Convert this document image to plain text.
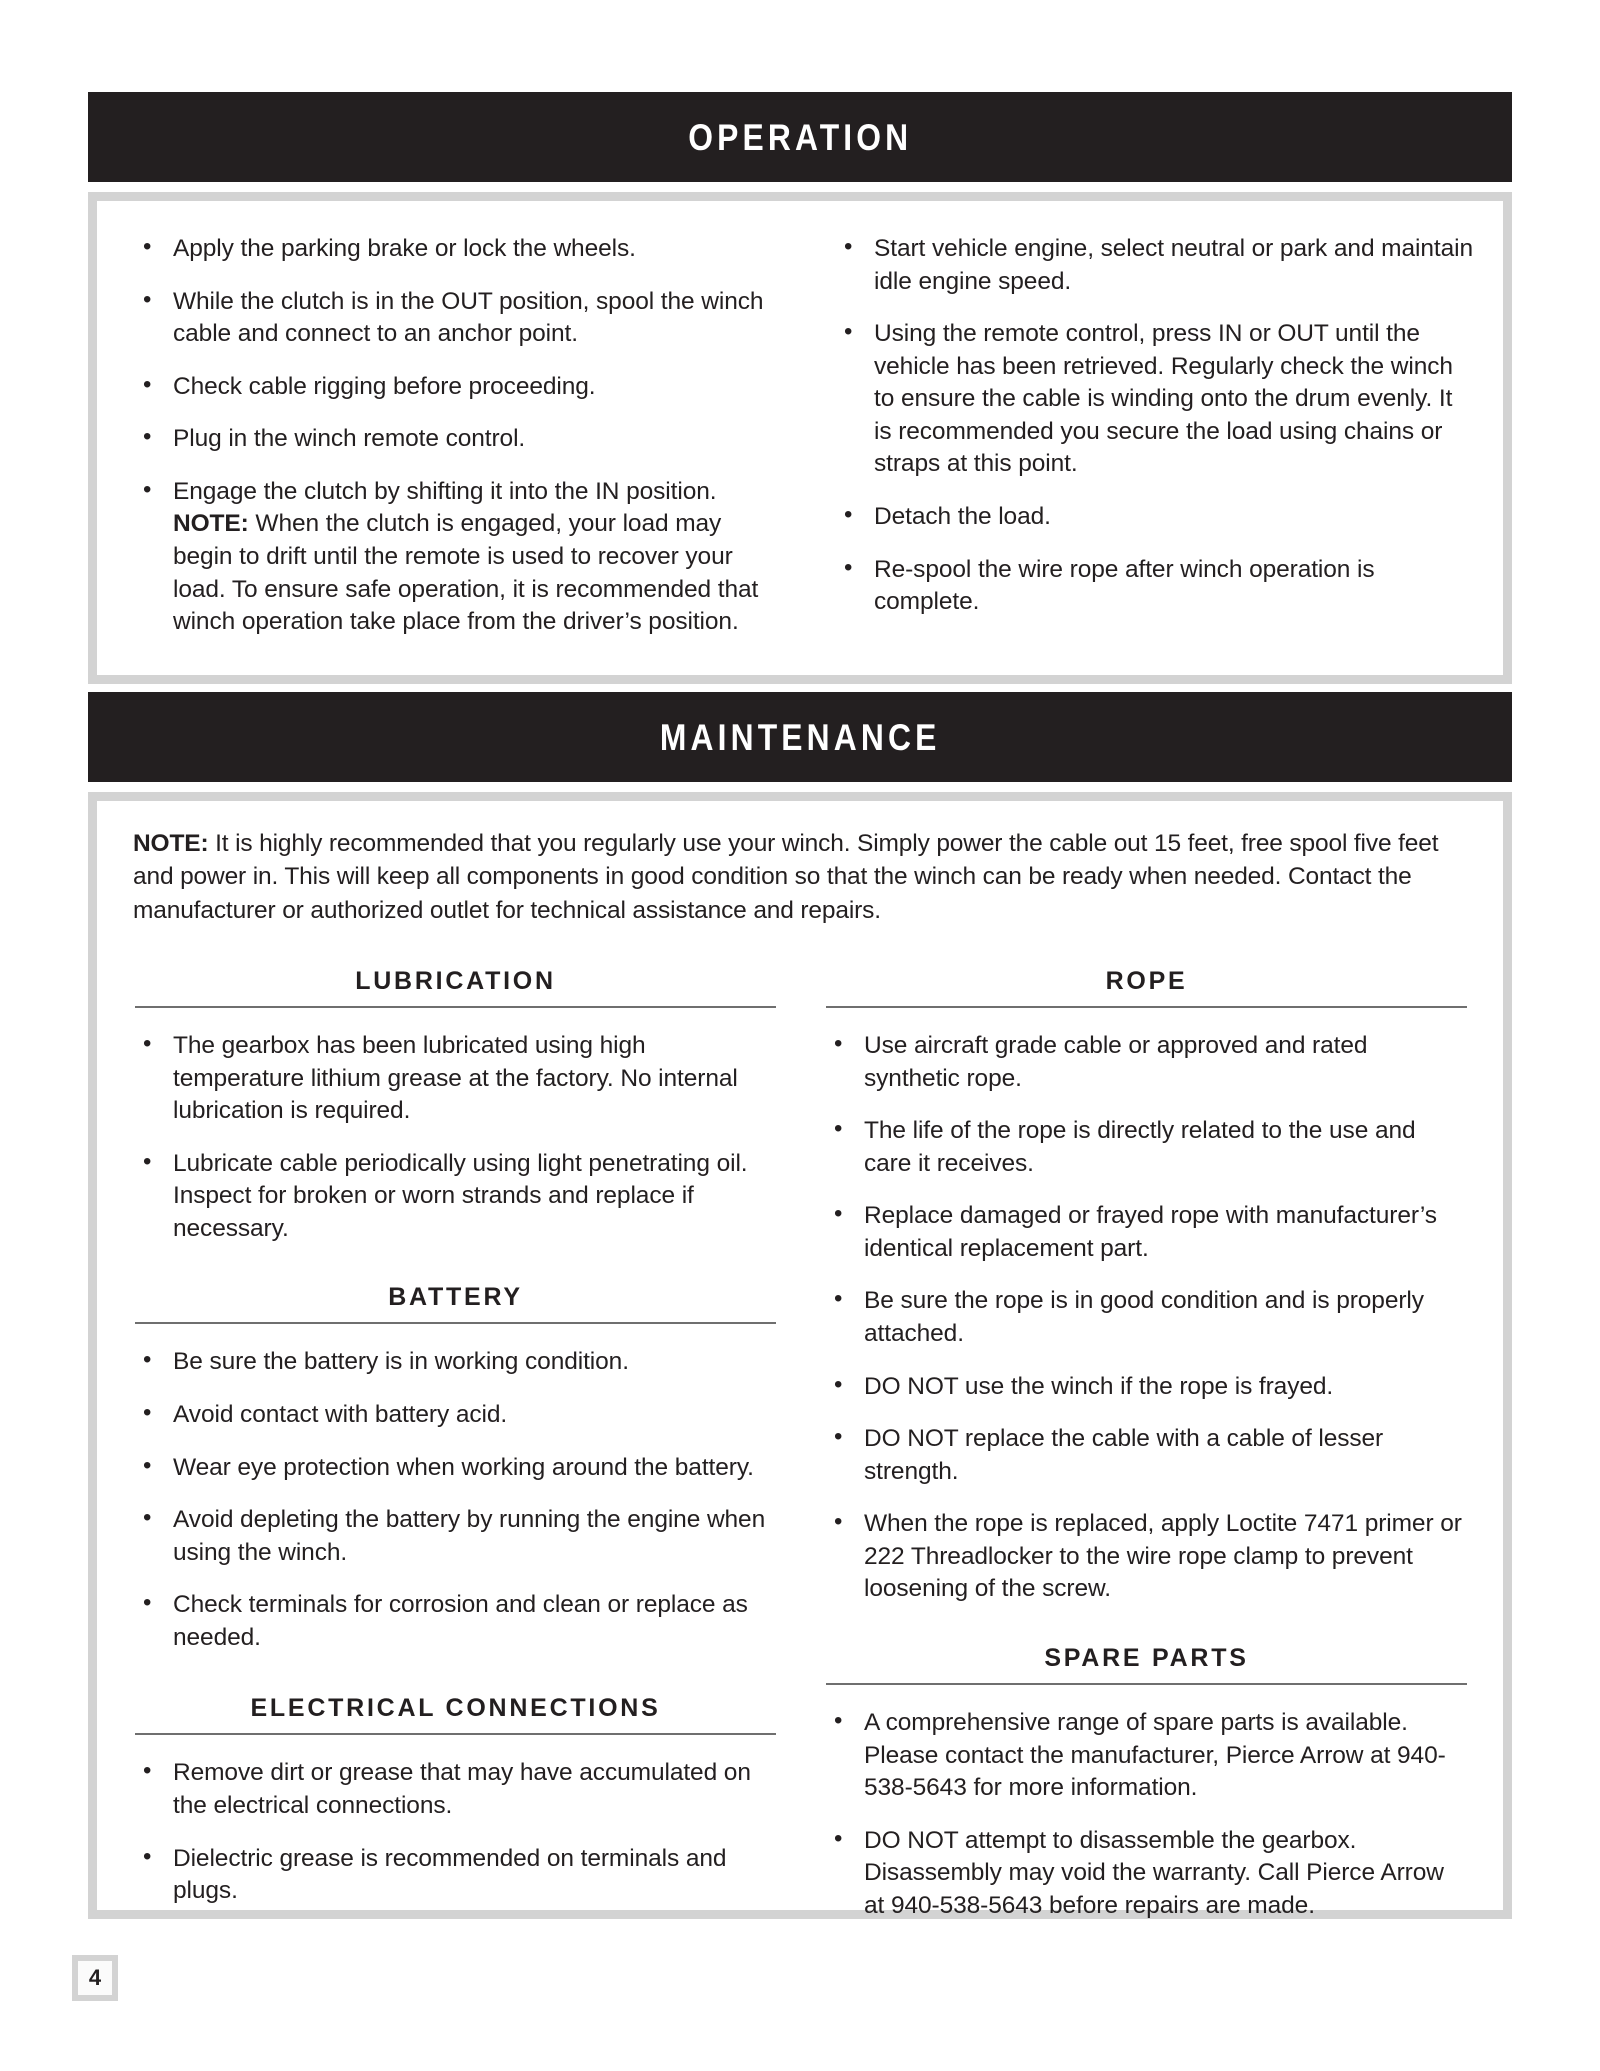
OPERATION
• Apply the parking brake or lock the wheels.
• While the clutch is in the OUT position, spool the winch cable and connect to an anchor point.
• Check cable rigging before proceeding.
• Plug in the winch remote control.
• Engage the clutch by shifting it into the IN position. NOTE: When the clutch is engaged, your load may begin to drift until the remote is used to recover your load. To ensure safe operation, it is recommended that winch operation take place from the driver’s position.
• Start vehicle engine, select neutral or park and maintain idle engine speed.
• Using the remote control, press IN or OUT until the vehicle has been retrieved. Regularly check the winch to ensure the cable is winding onto the drum evenly. It is recommended you secure the load using chains or straps at this point.
• Detach the load.
• Re-spool the wire rope after winch operation is complete.
MAINTENANCE

NOTE: It is highly recommended that you regularly use your winch. Simply power the cable out 15 feet, free spool five feet and power in. This will keep all components in good condition so that the winch can be ready when needed. Contact the manufacturer or authorized outlet for technical assistance and repairs.

LUBRICATION
• The gearbox has been lubricated using high temperature lithium grease at the factory. No internal lubrication is required.
• Lubricate cable periodically using light penetrating oil. Inspect for broken or worn strands and replace if necessary.
BATTERY
• Be sure the battery is in working condition.
• Avoid contact with battery acid.
• Wear eye protection when working around the battery.
• Avoid depleting the battery by running the engine when using the winch.
• Check terminals for corrosion and clean or replace as needed.
ELECTRICAL CONNECTIONS
• Remove dirt or grease that may have accumulated on the electrical connections.
• Dielectric grease is recommended on terminals and plugs.
ROPE
• Use aircraft grade cable or approved and rated synthetic rope.
• The life of the rope is directly related to the use and care it receives.
• Replace damaged or frayed rope with manufacturer’s identical replacement part.
• Be sure the rope is in good condition and is properly attached.
• DO NOT use the winch if the rope is frayed.
• DO NOT replace the cable with a cable of lesser strength.
• When the rope is replaced, apply Loctite 7471 primer or 222 Threadlocker to the wire rope clamp to prevent loosening of the screw.
SPARE PARTS
• A comprehensive range of spare parts is available. Please contact the manufacturer, Pierce Arrow at 940-538-5643 for more information.
• DO NOT attempt to disassemble the gearbox. Disassembly may void the warranty. Call Pierce Arrow at 940-538-5643 before repairs are made.
4
